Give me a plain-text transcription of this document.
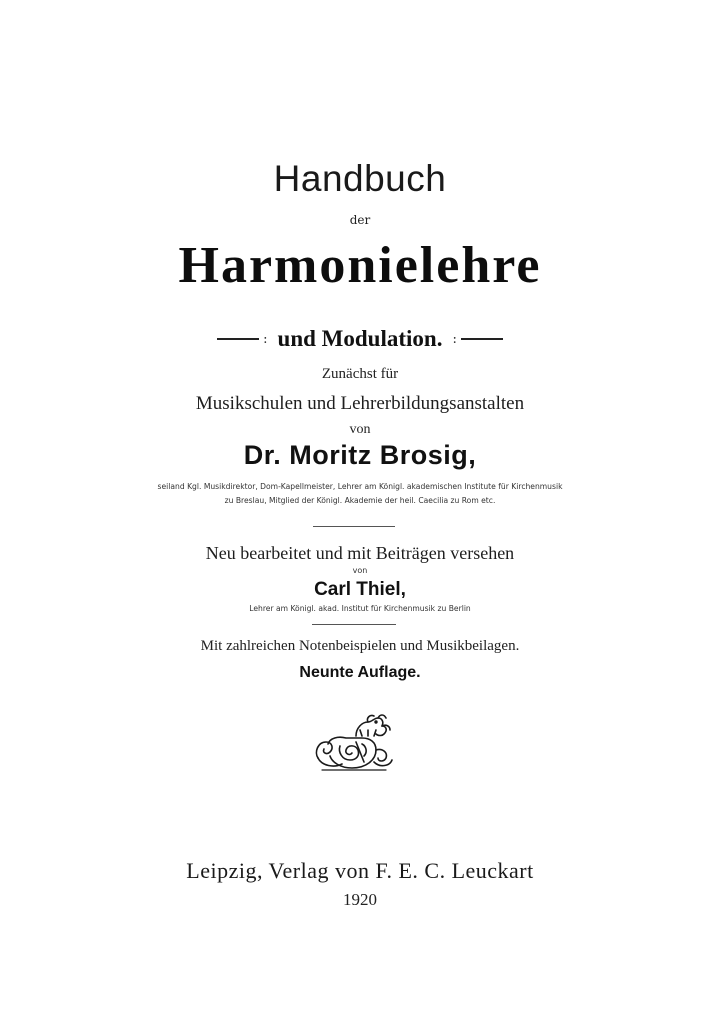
Handbuch
der
Harmonielehre
: und Modulation. :
Zunächst für
Musikschulen und Lehrerbildungsanstalten
von
Dr. Moritz Brosig,
seiland Kgl. Musikdirektor, Dom-Kapellmeister, Lehrer am Königl. akademischen Institute für Kirchenmusik
zu Breslau, Mitglied der Königl. Akademie der heil. Caecilia zu Rom etc.
Neu bearbeitet und mit Beiträgen versehen
von
Carl Thiel,
Lehrer am Königl. akad. Institut für Kirchenmusik zu Berlin
Mit zahlreichen Notenbeispielen und Musikbeilagen.
Neunte Auflage.
Leipzig, Verlag von F. E. C. Leuckart
1920
